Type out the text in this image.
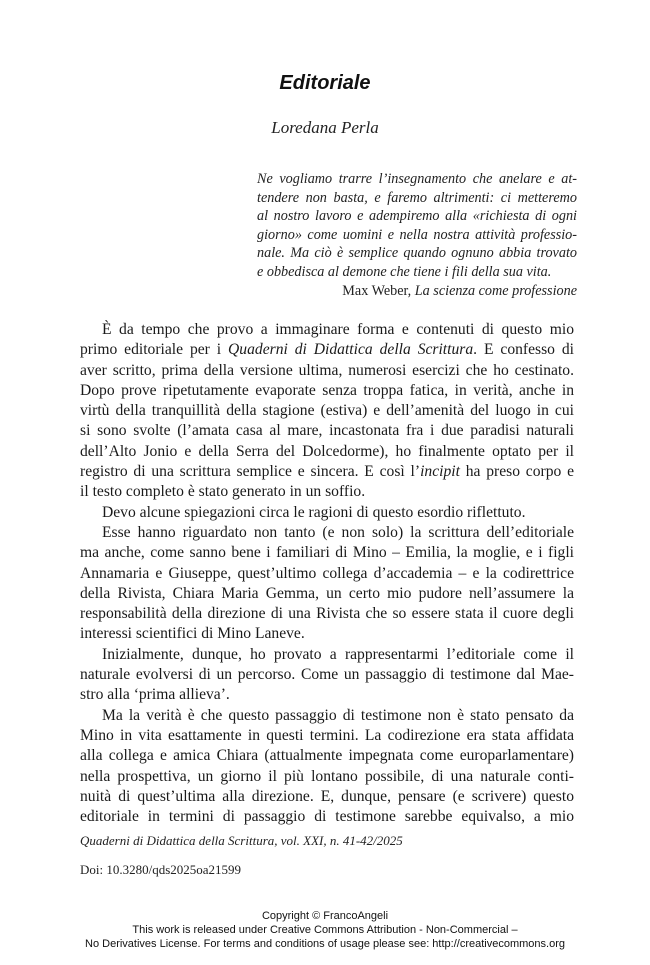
Editoriale
Loredana Perla
Ne vogliamo trarre l’insegnamento che anelare e at-
tendere non basta, e faremo altrimenti: ci metteremo
al nostro lavoro e adempiremo alla «richiesta di ogni
giorno» come uomini e nella nostra attività professio-
nale. Ma ciò è semplice quando ognuno abbia trovato
e obbedisca al demone che tiene i fili della sua vita.
Max Weber, La scienza come professione
È da tempo che provo a immaginare forma e contenuti di questo mio
primo editoriale per i Quaderni di Didattica della Scrittura. E confesso di
aver scritto, prima della versione ultima, numerosi esercizi che ho cestinato.
Dopo prove ripetutamente evaporate senza troppa fatica, in verità, anche in
virtù della tranquillità della stagione (estiva) e dell’amenità del luogo in cui
si sono svolte (l’amata casa al mare, incastonata fra i due paradisi naturali
dell’Alto Jonio e della Serra del Dolcedorme), ho finalmente optato per il
registro di una scrittura semplice e sincera. E così l’incipit ha preso corpo e
il testo completo è stato generato in un soffio.
Devo alcune spiegazioni circa le ragioni di questo esordio riflettuto.
Esse hanno riguardato non tanto (e non solo) la scrittura dell’editoriale
ma anche, come sanno bene i familiari di Mino – Emilia, la moglie, e i figli
Annamaria e Giuseppe, quest’ultimo collega d’accademia – e la codirettrice
della Rivista, Chiara Maria Gemma, un certo mio pudore nell’assumere la
responsabilità della direzione di una Rivista che so essere stata il cuore degli
interessi scientifici di Mino Laneve.
Inizialmente, dunque, ho provato a rappresentarmi l’editoriale come il
naturale evolversi di un percorso. Come un passaggio di testimone dal Mae-
stro alla ‘prima allieva’.
Ma la verità è che questo passaggio di testimone non è stato pensato da
Mino in vita esattamente in questi termini. La codirezione era stata affidata
alla collega e amica Chiara (attualmente impegnata come europarlamentare)
nella prospettiva, un giorno il più lontano possibile, di una naturale conti-
nuità di quest’ultima alla direzione. E, dunque, pensare (e scrivere) questo
editoriale in termini di passaggio di testimone sarebbe equivalso, a mio
Quaderni di Didattica della Scrittura, vol. XXI, n. 41-42/2025
Doi: 10.3280/qds2025oa21599
Copyright © FrancoAngeli
This work is released under Creative Commons Attribution - Non-Commercial –
No Derivatives License. For terms and conditions of usage please see: http://creativecommons.org
